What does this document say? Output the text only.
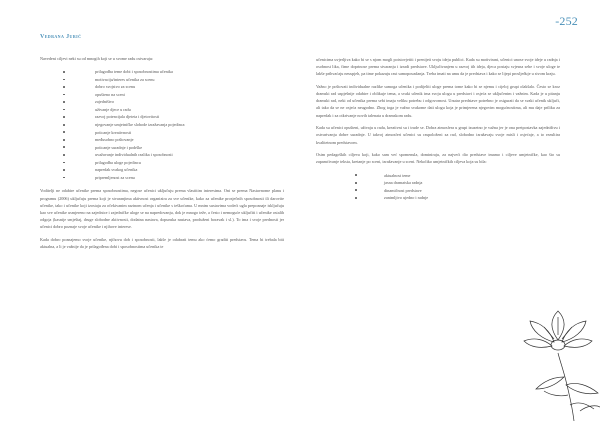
-252
Vedrana Jurić

Navedeni ciljevi neki su od mnogih koji se u svome radu ostvaruju:

prilagodba teme dobi i sposobnostima učenika
motivacija/interes učenika za scenu
dobro svojstvo za scenu
opušteno na sceni
zajedništvo
uživanje djece u radu
razvoj potencijala djeteta i djetovitosti
njegovanje umjetničke slobode izražavanja pojedinca
poticanje kreativnosti
međusobno poštovanje
poticanje suradnje i podrške
uvažavanje individualnih razlika i sposobnosti
prilagodba uloge pojedincu
napredak svakog učenika
pripremljenost za scenu

Voditelji ne odabire učenike prema sposobnostima, negose učenici uključuju prema vlastitim interesima. Oni se prema Nastavnome planu i programu (2006) uključuju prema koji je stvaranjima aktivnost organizira za sve učenike, kako za učenike prosječnih sposobnosti ili darovite učenike, tako i učenike koji izostaju za očekivanim razinom učenja i učenike s teškoćama. U mnim sustavima vodeći ugla prepoznaje isključuju kao sve učenike usmjereno na zajednice i zajedničke uloge se na napredovanju, dok je mnogo teže, a često i nemoguće uključiti i učenike ostalih odgoja (kasnije smještaj, druge slobodne aktivnosti, dodatna nastava, dopunska nastava, produženi boravak i sl.). To ima i svoje prednosti jer učenici dobro poznaje svoje učenike i njihove interese.

Kada dobro poznajemo svoje učenike, njihovu dob i sposobnosti, lakše je odabrati temu ako ćemo graditi predstavu. Tema bi trebala biti aktualna, a li je važnije da je prilagođena dobi i sposobnostima učenika te

učenicima uvjerljiva kako bi se s njom mogli poistovjetiti i prenijeti svoju ideju publici. Kada su motivirani, učenici unose svoje ideje u radnja i osobnost lika, čime doprinose prema stvaranju i izradi predstave. Uključivanjem u razvoj tih ideja, djeca postaju svjesna sebe i svoje uloge te lakše prihvaćaju neuspjeh, pa time pokazuju rast samopouzdanja. Treba imati na umu da je predstava i kako se lijepi prosljeđuje u sivom kraju.

Važno je poštovati individualne razlike samoga učenika i podijeliti uloge prema tome kako bi se njemu i cijeloj grupi olakšalo. Često se kroz dramski rad uspješnije odabire i oblikuje tema, a svaki učenik ima svoju ulogu u predstavi i osjeća se uključenim i važnim. Kada je u pitanju dramski rad, neki od učenika prema sebi imaju veliku potrebu i odgovornost. Unutar predstave potrebno je osigurati da se svaki učenik uključi, ali tako da se ne osjeća neugodno. Zbog toga je važno svakome dati ulogu koja je primjerena njegovim mogućnostima, ali mu daje priliku za napredak i za otkrivanje novih talenata u dramskom radu.

Kada su učenici opušteni, uživaju u radu, kreativni su i trude se. Dobra atmosfera u grupi izuzetno je važna jer je ona pretpostavka zajedništvu i ostvarivanju dobre suradnje. U takvoj atmosferi učenici su raspoloženi za rad, slobodno izražavaju svoje misli i osjećaje, a to rezultira kvalitetnom predstavom.

Osim pedagoških ciljeva koji, kako sam već spomenula, dominiraju, za najveći dio predstave imamo i ciljeve umjetničke, kao što su zapamćivanje teksta, kretanje po sceni, izražavanje u sceni. Nekoliko umjetničkih ciljeva koja su bila:

aktualnost teme
jasna dramatska radnja
dinamičnost predstave
zanimljivo ujedno i radnje
